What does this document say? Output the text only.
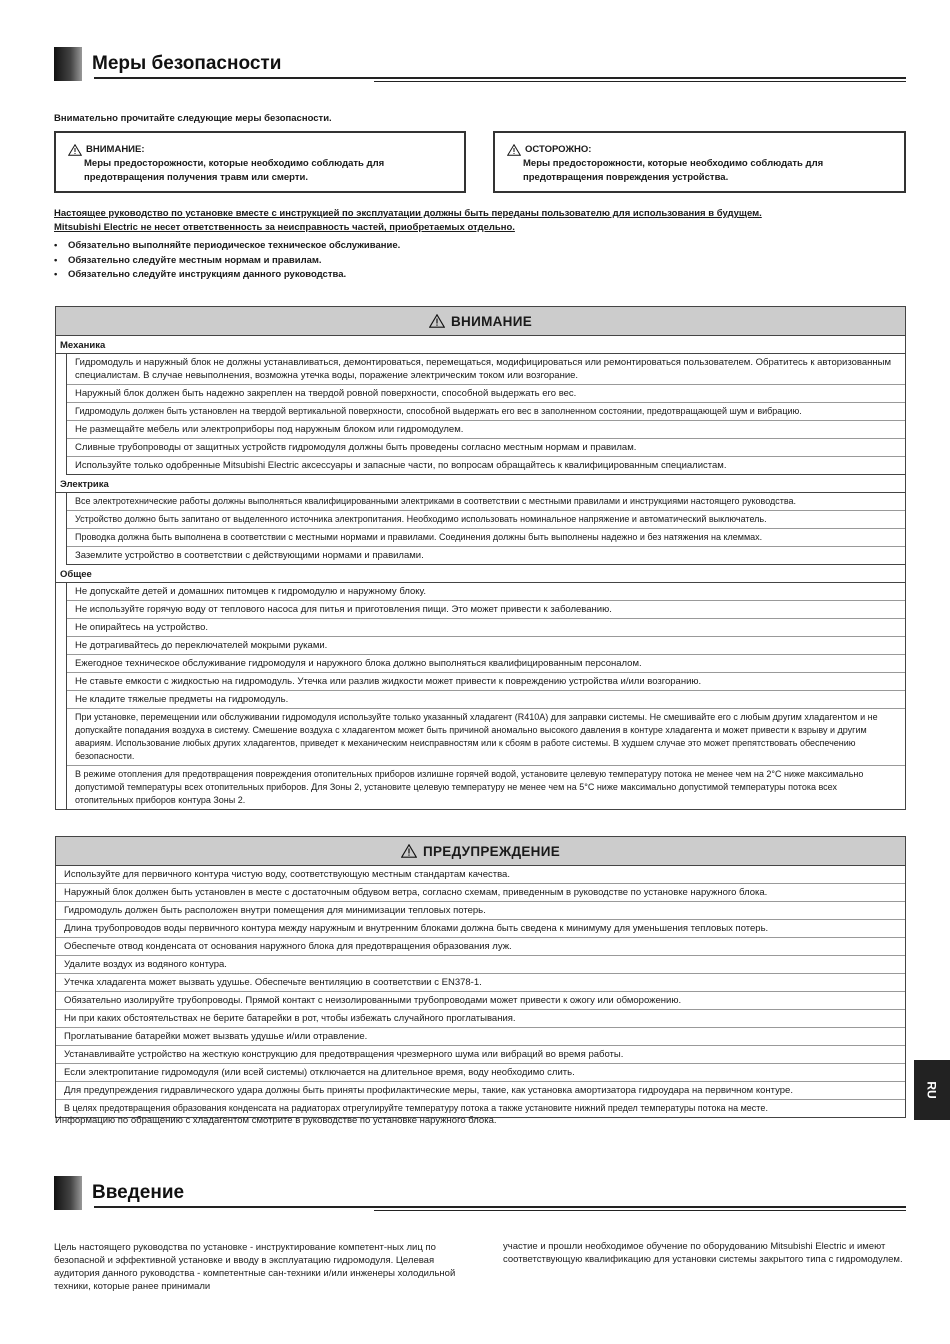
Меры безопасности
Внимательно прочитайте следующие меры безопасности.
ВНИМАНИЕ:
Меры предосторожности, которые необходимо соблюдать для предотвращения получения травм или смерти.
ОСТОРОЖНО:
Меры предосторожности, которые необходимо соблюдать для предотвращения повреждения устройства.
Настоящее руководство по установке вместе с инструкцией по эксплуатации должны быть переданы пользователю для использования в будущем.
Mitsubishi Electric не несет ответственность за неисправность частей, приобретаемых отдельно.
• Обязательно выполняйте периодическое техническое обслуживание.
• Обязательно следуйте местным нормам и правилам.
• Обязательно следуйте инструкциям данного руководства.
ВНИМАНИЕ
Механика
Гидромодуль и наружный блок не должны устанавливаться, демонтироваться, перемещаться, модифицироваться или ремонтироваться пользователем. Обратитесь к авторизованным специалистам. В случае невыполнения, возможна утечка воды, поражение электрическим током или возгорание.
Наружный блок должен быть надежно закреплен на твердой ровной поверхности, способной выдержать его вес.
Гидромодуль должен быть установлен на твердой вертикальной поверхности, способной выдержать его вес в заполненном состоянии, предотвращающей шум и вибрацию.
Не размещайте мебель или электроприборы под наружным блоком или гидромодулем.
Сливные трубопроводы от защитных устройств гидромодуля должны быть проведены согласно местным нормам и правилам.
Используйте только одобренные Mitsubishi Electric аксессуары и запасные части, по вопросам обращайтесь к квалифицированным специалистам.
Электрика
Все электротехнические работы должны выполняться квалифицированными электриками в соответствии с местными правилами и инструкциями настоящего руководства.
Устройство должно быть запитано от выделенного источника электропитания. Необходимо использовать номинальное напряжение и автоматический выключатель.
Проводка должна быть выполнена в соответствии с местными нормами и правилами. Соединения должны быть выполнены надежно и без натяжения на клеммах.
Заземлите устройство в соответствии с действующими нормами и правилами.
Общее
Не допускайте детей и домашних питомцев к гидромодулю и наружному блоку.
Не используйте горячую воду от теплового насоса для питья и приготовления пищи. Это может привести к заболеванию.
Не опирайтесь на устройство.
Не дотрагивайтесь до переключателей мокрыми руками.
Ежегодное техническое обслуживание гидромодуля и наружного блока должно выполняться квалифицированным персоналом.
Не ставьте емкости с жидкостью на гидромодуль. Утечка или разлив жидкости может привести к повреждению устройства и/или возгоранию.
Не кладите тяжелые предметы на гидромодуль.
При установке, перемещении или обслуживании гидромодуля используйте только указанный хладагент (R410A) для заправки системы. Не смешивайте его с любым другим хладагентом и не допускайте попадания воздуха в систему. Смешение воздуха с хладагентом может быть причиной аномально высокого давления в контуре хладагента и может привести к взрыву и другим авариям. Использование любых других хладагентов, приведет к механическим неисправностям или к сбоям в работе системы. В худшем случае это может препятствовать обеспечению безопасности.
В режиме отопления для предотвращения повреждения отопительных приборов излишне горячей водой, установите целевую температуру потока не менее чем на 2°C ниже максимально допустимой температуры всех отопительных приборов. Для Зоны 2, установите целевую температуру не менее чем на 5°C ниже максимально допустимой температуры потока всех отопительных приборов контура Зоны 2.
ПРЕДУПРЕЖДЕНИЕ
Используйте для первичного контура чистую воду, соответствующую местным стандартам качества.
Наружный блок должен быть установлен в месте с достаточным обдувом ветра, согласно схемам, приведенным в руководстве по установке наружного блока.
Гидромодуль должен быть расположен внутри помещения для минимизации тепловых потерь.
Длина трубопроводов воды первичного контура между наружным и внутренним блоками должна быть сведена к минимуму для уменьшения тепловых потерь.
Обеспечьте отвод конденсата от основания наружного блока для предотвращения образования луж.
Удалите воздух из водяного контура.
Утечка хладагента может вызвать удушье. Обеспечьте вентиляцию в соответствии с EN378-1.
Обязательно изолируйте трубопроводы. Прямой контакт с неизолированными трубопроводами может привести к ожогу или обморожению.
Ни при каких обстоятельствах не берите батарейки в рот, чтобы избежать случайного проглатывания.
Проглатывание батарейки может вызвать удушье и/или отравление.
Устанавливайте устройство на жесткую конструкцию для предотвращения чрезмерного шума или вибраций во время работы.
Если электропитание гидромодуля (или всей системы) отключается на длительное время, воду необходимо слить.
Для предупреждения гидравлического удара должны быть приняты профилактические меры, такие, как установка амортизатора гидроудара на первичном контуре.
В целях предотвращения образования конденсата на радиаторах отрегулируйте температуру потока а также установите нижний предел температуры потока на местe.
Информацию по обращению с хладагентом смотрите в руководстве по установке наружного блока.
RU
Введение
Цель настоящего руководства по установке - инструктирование компетент-ных лиц по безопасной и эффективной установке и вводу в эксплуатацию гидромодуля. Целевая аудитория данного руководства - компетентные сан-техники и/или инженеры холодильной техники, которые ранее принимали
участие и прошли необходимое обучение по оборудованию Mitsubishi Electric и имеют соответствующую квалификацию для установки системы закрытого типа с гидромодулем.
